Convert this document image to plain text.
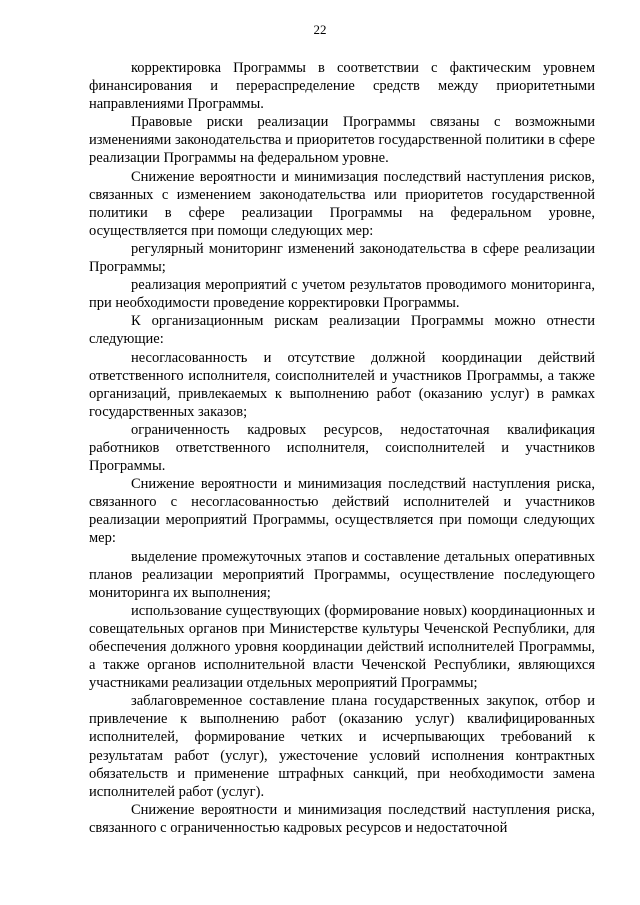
22

корректировка Программы в соответствии с фактическим уровнем финансирования и перераспределение средств между приоритетными направлениями Программы.

Правовые риски реализации Программы связаны с возможными изменениями законодательства и приоритетов государственной политики в сфере реализации Программы на федеральном уровне.

Снижение вероятности и минимизация последствий наступления рисков, связанных с изменением законодательства или приоритетов государственной политики в сфере реализации Программы на федеральном уровне, осуществляется при помощи следующих мер:

регулярный мониторинг изменений законодательства в сфере реализации Программы;

реализация мероприятий с учетом результатов проводимого мониторинга, при необходимости проведение корректировки Программы.

К организационным рискам реализации Программы можно отнести следующие:

несогласованность и отсутствие должной координации действий ответственного исполнителя, соисполнителей и участников Программы, а также организаций, привлекаемых к выполнению работ (оказанию услуг) в рамках государственных заказов;

ограниченность кадровых ресурсов, недостаточная квалификация работников ответственного исполнителя, соисполнителей и участников Программы.

Снижение вероятности и минимизация последствий наступления риска, связанного с несогласованностью действий исполнителей и участников реализации мероприятий Программы, осуществляется при помощи следующих мер:

выделение промежуточных этапов и составление детальных оперативных планов реализации мероприятий Программы, осуществление последующего мониторинга их выполнения;

использование существующих (формирование новых) координационных и совещательных органов при Министерстве культуры Чеченской Республики, для обеспечения должного уровня координации действий исполнителей Программы, а также органов исполнительной власти Чеченской Республики, являющихся участниками реализации отдельных мероприятий Программы;

заблаговременное составление плана государственных закупок, отбор и привлечение к выполнению работ (оказанию услуг) квалифицированных исполнителей, формирование четких и исчерпывающих требований к результатам работ (услуг), ужесточение условий исполнения контрактных обязательств и применение штрафных санкций, при необходимости замена исполнителей работ (услуг).

Снижение вероятности и минимизация последствий наступления риска, связанного с ограниченностью кадровых ресурсов и недостаточной
